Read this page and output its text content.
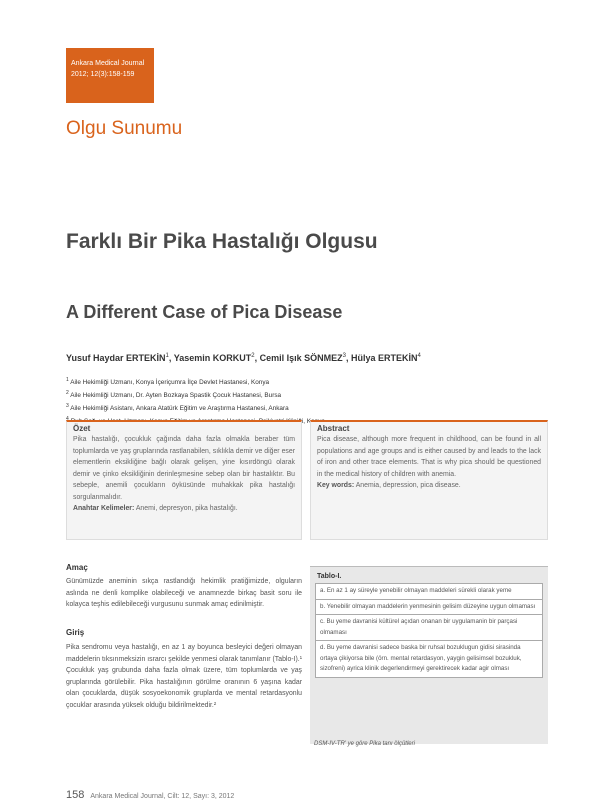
Ankara Medical Journal
2012; 12(3):158-159
Olgu Sunumu
Farklı Bir Pika Hastalığı Olgusu
A Different Case of Pica Disease
Yusuf Haydar ERTEKİN$^1$, Yasemin KORKUT$^2$, Cemil Işık SÖNMEZ$^3$, Hülya ERTEKİN$^4$
$^1$ Aile Hekimliği Uzmanı, Konya İçeriçumra İlçe Devlet Hastanesi, Konya
$^2$ Aile Hekimliği Uzmanı, Dr. Ayten Bozkaya Spastik Çocuk Hastanesi, Bursa
$^3$ Aile Hekimliği Asistanı, Ankara Atatürk Eğitim ve Araştırma Hastanesi, Ankara
Özet
Pika hastalığı, çocukluk çağında daha fazla olmakla beraber tüm toplumlarda ve yaş gruplarında rastlanabilen, sıklıkla demir ve diğer eser elementlerin eksikliğine bağlı olarak gelişen, yine kısırdöngü olarak demir ve çinko eksikliğinin derinleşmesine sebep olan bir hastalıktır. Bu sebeple, anemili çocukların öyküsünde muhakkak pika hastalığı sorgulanmalıdır.
Anahtar Kelimeler: Anemi, depresyon, pika hastalığı.
Abstract
Pica disease, although more frequent in childhood, can be found in all populations and age groups and is either caused by and leads to the lack of iron and other trace elements. That is why pica should be questioned in the medical history of children with anemia.
Key words: Anemia, depression, pica disease.
Amaç
Günümüzde aneminin sıkça rastlandığı hekimlik pratiğimizde, olguların aslında ne denli komplike olabileceği ve anamnezde birkaç basit soru ile kolayca teşhis edilebileceği vurgusunu sunmak amaç edinilmiştir.
Giriş
Pika sendromu veya hastalığı, en az 1 ay boyunca besleyici değeri olmayan maddelerin tıksınmeksizin ısrarcı şekilde yenmesi olarak tanımlanır (Tablo-I).¹ Çocukluk yaş grubunda daha fazla olmak üzere, tüm toplumlarda ve yaş gruplarında görülebilir. Pika hastalığının görülme oranının 6 yaşına kadar olan çocuklarda, düşük sosyoekonomik gruplarda ve mental retardasyonlu çocuklar arasında yüksek olduğu bildirilmektedir.²
Tablo-I.
a. En az 1 ay süreyle yenebilir olmayan maddeleri sürekli olarak yeme
b. Yenebilir olmayan maddelerin yenmesinin gelisim düzeyine uygun olmaması
c. Bu yeme davranisi kültürel açıdan onanan bir uygulamanin bir parçasi olmaması
d. Bu yeme davranisi sadece baska bir ruhsal bozuklugun gidisi sirasinda ortaya çikiyorsa bile (örn. mental retardasyon, yaygin gelisimsel bozukluk, sizofreni) ayrica klinik degerlendirmeyi gerektirecek kadar agir olması
DSM-IV-TR' ye göre Pika tanı ölçütleri
158 Ankara Medical Journal, Cilt: 12, Sayı: 3, 2012
